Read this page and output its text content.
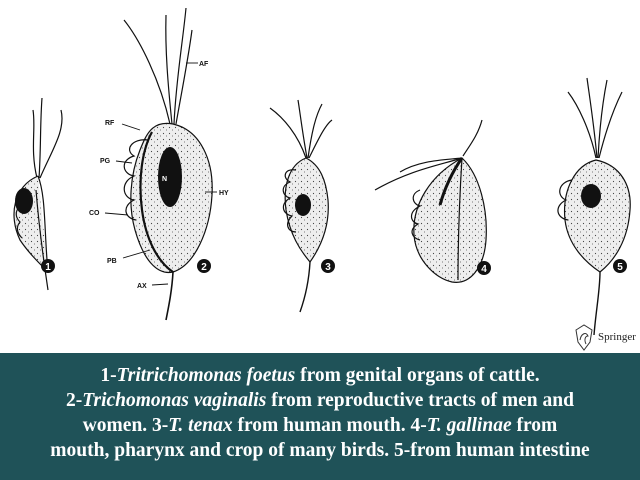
1
N
AF
RF
PG
CO
PB
AX
HY
2	3	4	5
Springer
1-Tritrichomonas foetus from genital organs of cattle.
2-Trichomonas vaginalis from reproductive tracts of men and
women. 3-T. tenax from human mouth. 4-T. gallinae from
mouth, pharynx and crop of many birds. 5-from human intestine
